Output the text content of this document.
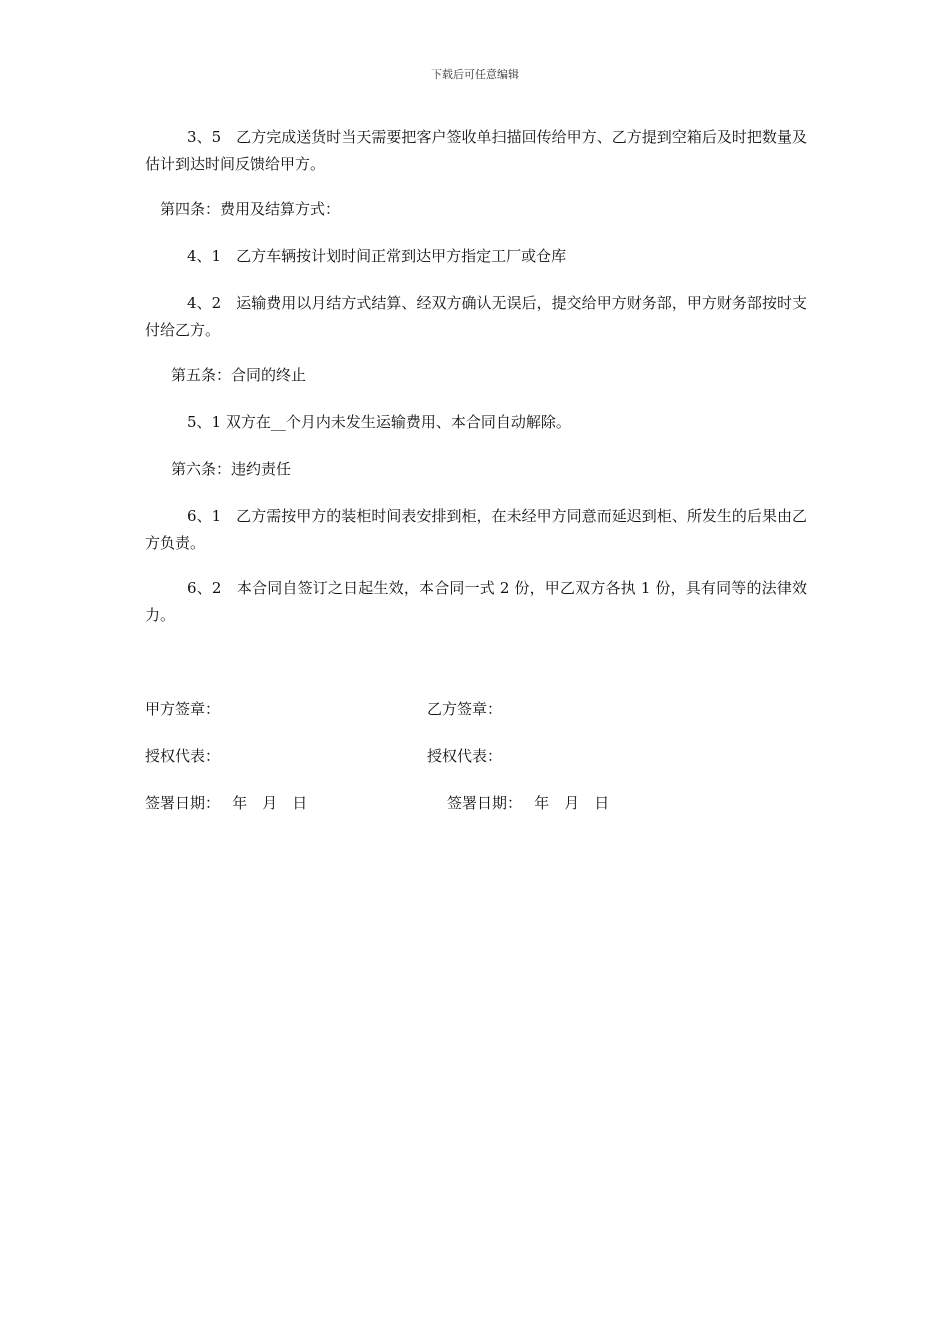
下载后可任意编辑

3、5　乙方完成送货时当天需要把客户签收单扫描回传给甲方、乙方提到空箱后及时把数量及估计到达时间反馈给甲方。

第四条：费用及结算方式：

4、1　乙方车辆按计划时间正常到达甲方指定工厂或仓库

4、2　运输费用以月结方式结算、经双方确认无误后，提交给甲方财务部，甲方财务部按时支付给乙方。

第五条：合同的终止

5、1 双方在__个月内未发生运输费用、本合同自动解除。

第六条：违约责任

6、1　乙方需按甲方的装柜时间表安排到柜，在未经甲方同意而延迟到柜、所发生的后果由乙方负责。

6、2　本合同自签订之日起生效，本合同一式 2 份，甲乙双方各执 1 份，具有同等的法律效力。

甲方签章：	乙方签章：
授权代表：	授权代表：
签署日期：　 年　月　日	签署日期：　 年　月　日
